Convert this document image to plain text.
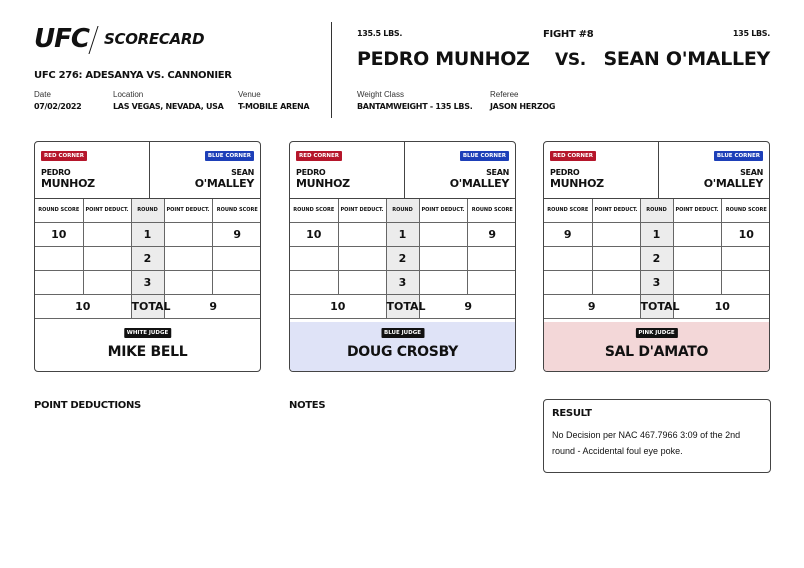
UFC SCORECARD
UFC 276: ADESANYA VS. CANNONIER
Date
07/02/2022
Location
LAS VEGAS, NEVADA, USA
Venue
T-MOBILE ARENA
135.5 LBS.
PEDRO MUNHOZ
FIGHT #8
VS.
135 LBS.
SEAN O'MALLEY
Weight Class
BANTAMWEIGHT - 135 LBS.
Referee
JASON HERZOG
RED CORNER
PEDRO
MUNHOZ
BLUE CORNER
SEAN
O'MALLEY
ROUND SCORE	POINT DEDUCT.	ROUND	POINT DEDUCT.	ROUND SCORE
10		1		9
		2		
		3		
10		TOTAL	9	
WHITE JUDGE
MIKE BELL
RED CORNER
PEDRO
MUNHOZ
BLUE CORNER
SEAN
O'MALLEY
ROUND SCORE	POINT DEDUCT.	ROUND	POINT DEDUCT.	ROUND SCORE
10		1		9
		2		
		3		
10		TOTAL	9	
BLUE JUDGE
DOUG CROSBY
RED CORNER
PEDRO
MUNHOZ
BLUE CORNER
SEAN
O'MALLEY
ROUND SCORE	POINT DEDUCT.	ROUND	POINT DEDUCT.	ROUND SCORE
9		1		10
		2		
		3		
9		TOTAL	10	
PINK JUDGE
SAL D'AMATO
POINT DEDUCTIONS	NOTES
RESULT
No Decision per NAC 467.7966 3:09 of the 2nd round - Accidental foul eye poke.
